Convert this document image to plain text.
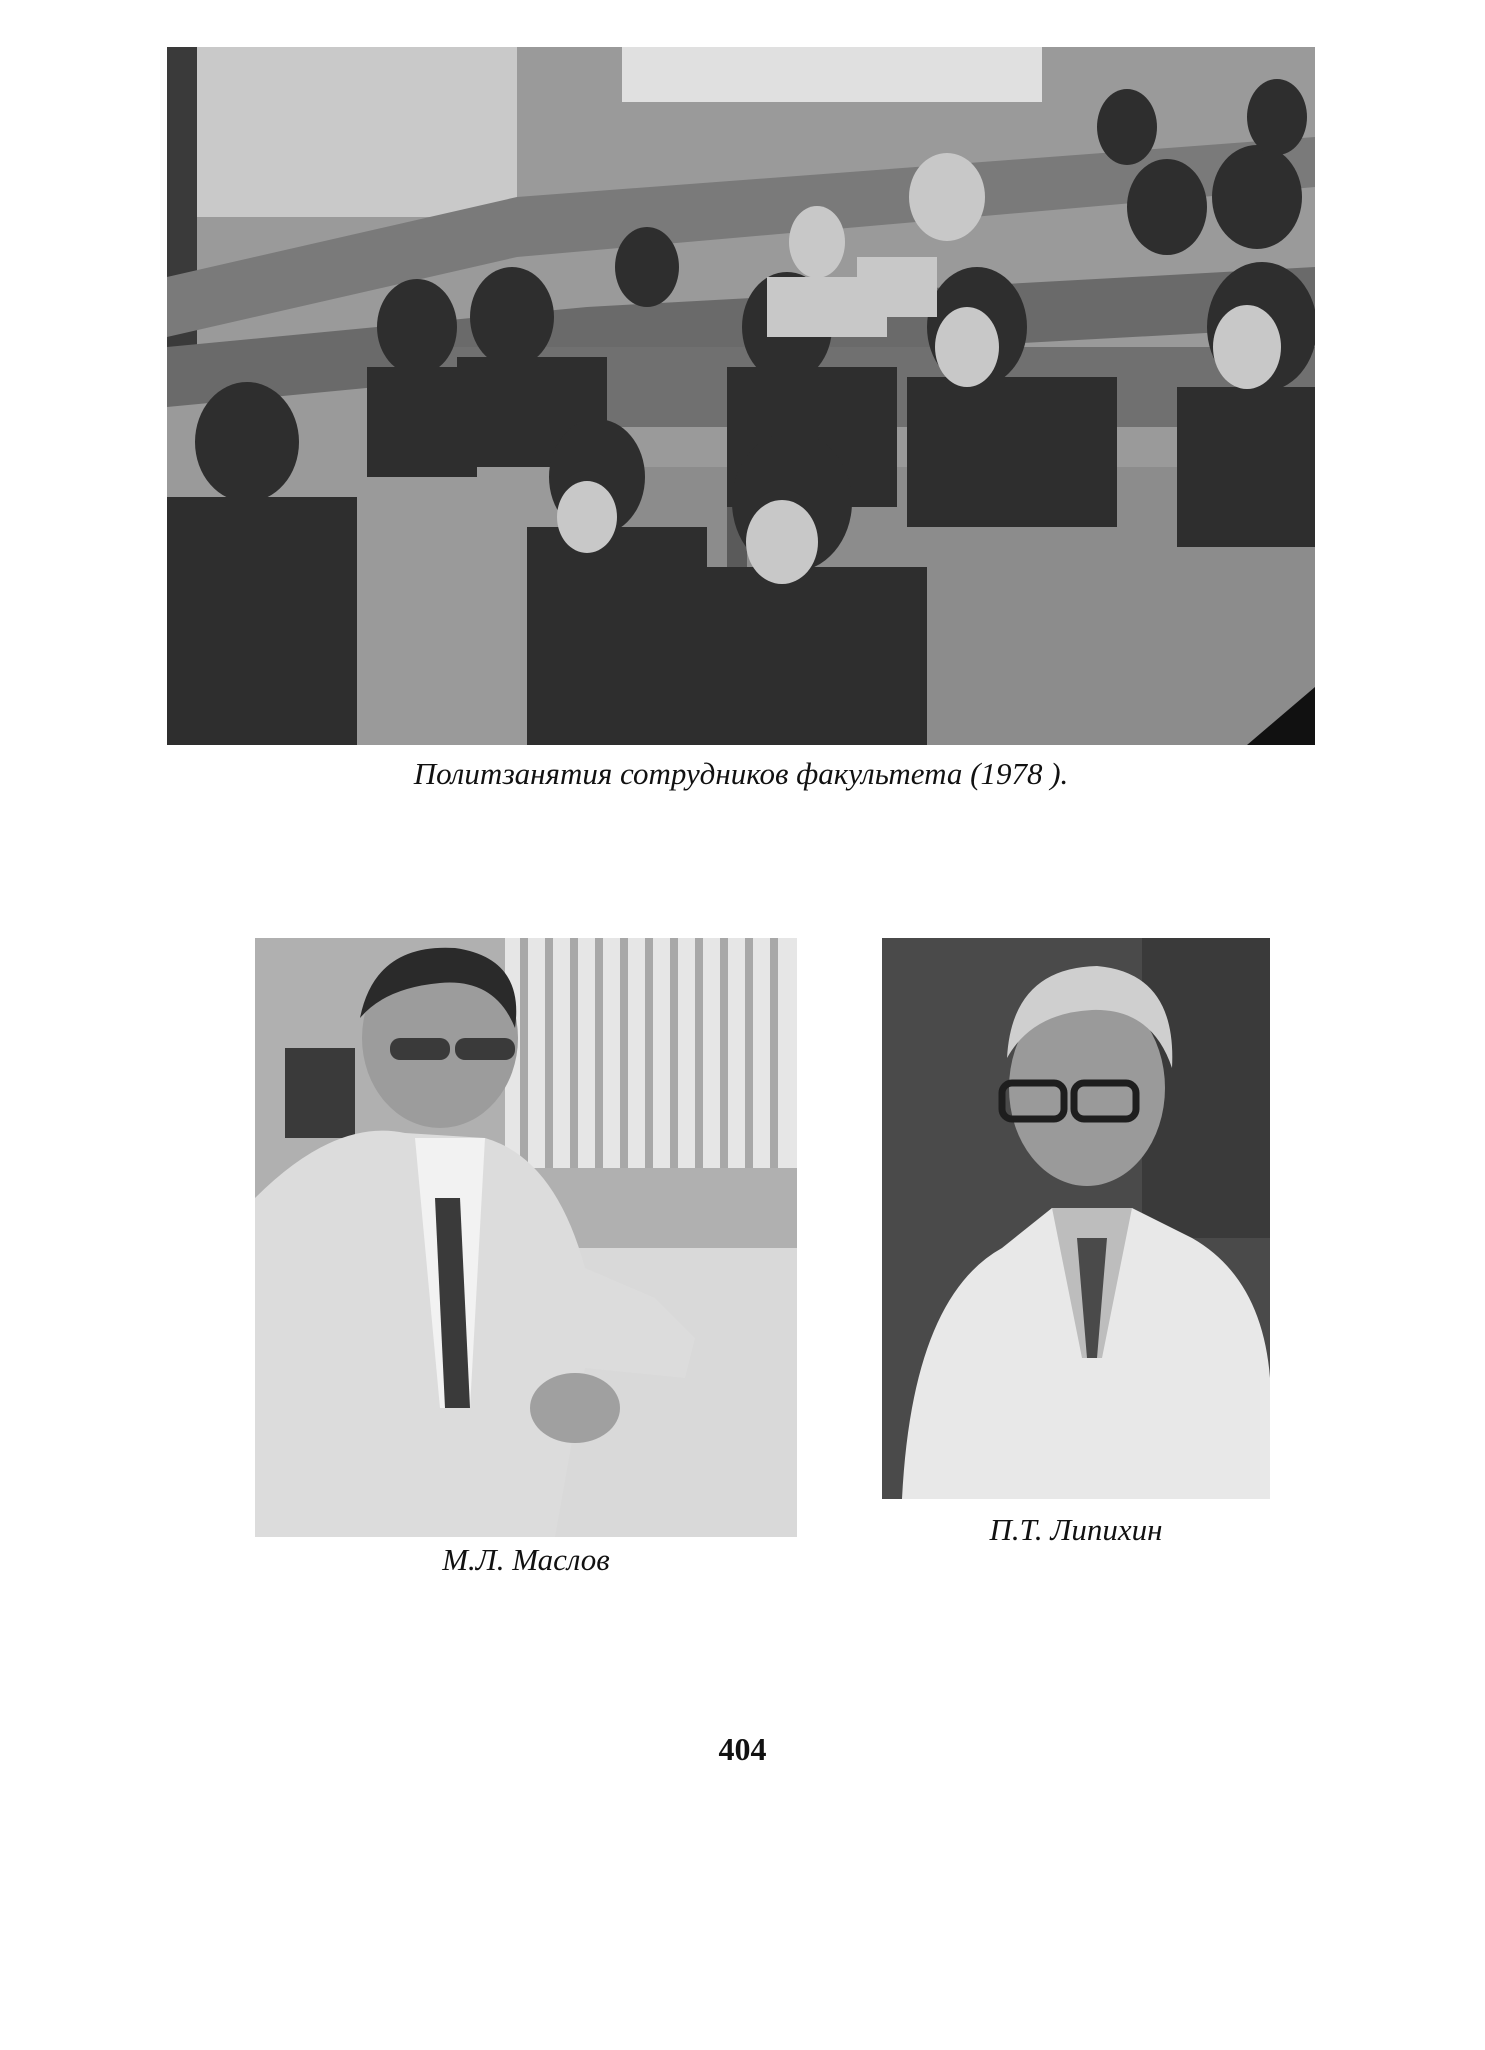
Политзанятия сотрудников факультета (1978 ).
М.Л. Маслов
П.Т. Липихин
404
